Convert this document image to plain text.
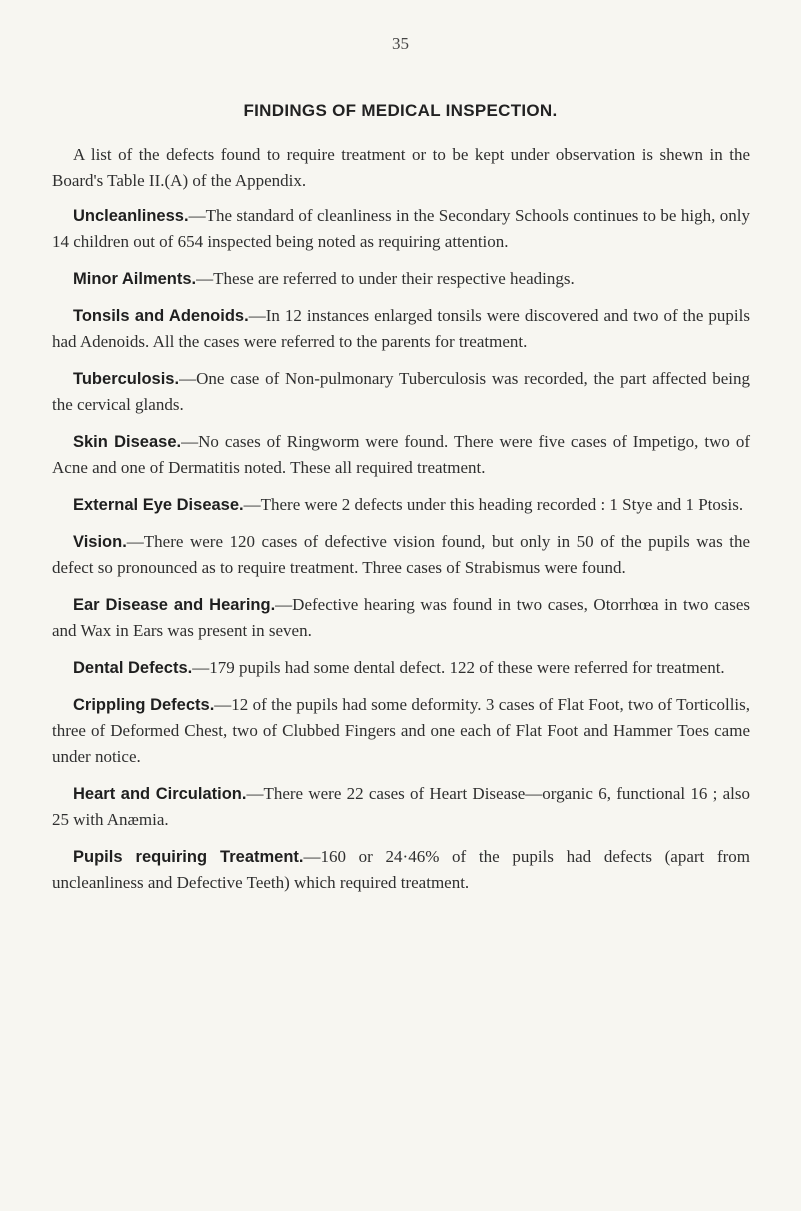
35
FINDINGS OF MEDICAL INSPECTION.

A list of the defects found to require treatment or to be kept under observation is shewn in the Board's Table II.(A) of the Appendix.

Uncleanliness.—The standard of cleanliness in the Secondary Schools continues to be high, only 14 children out of 654 inspected being noted as requiring attention.

Minor Ailments.—These are referred to under their respective headings.

Tonsils and Adenoids.—In 12 instances enlarged tonsils were discovered and two of the pupils had Adenoids. All the cases were referred to the parents for treatment.

Tuberculosis.—One case of Non-pulmonary Tuberculosis was recorded, the part affected being the cervical glands.

Skin Disease.—No cases of Ringworm were found. There were five cases of Impetigo, two of Acne and one of Dermatitis noted. These all required treatment.

External Eye Disease.—There were 2 defects under this heading recorded : 1 Stye and 1 Ptosis.

Vision.—There were 120 cases of defective vision found, but only in 50 of the pupils was the defect so pronounced as to require treatment. Three cases of Strabismus were found.

Ear Disease and Hearing.—Defective hearing was found in two cases, Otorrhœa in two cases and Wax in Ears was present in seven.

Dental Defects.—179 pupils had some dental defect. 122 of these were referred for treatment.

Crippling Defects.—12 of the pupils had some deformity. 3 cases of Flat Foot, two of Torticollis, three of Deformed Chest, two of Clubbed Fingers and one each of Flat Foot and Hammer Toes came under notice.

Heart and Circulation.—There were 22 cases of Heart Disease—organic 6, functional 16 ; also 25 with Anæmia.

Pupils requiring Treatment.—160 or 24·46% of the pupils had defects (apart from uncleanliness and Defective Teeth) which required treatment.
